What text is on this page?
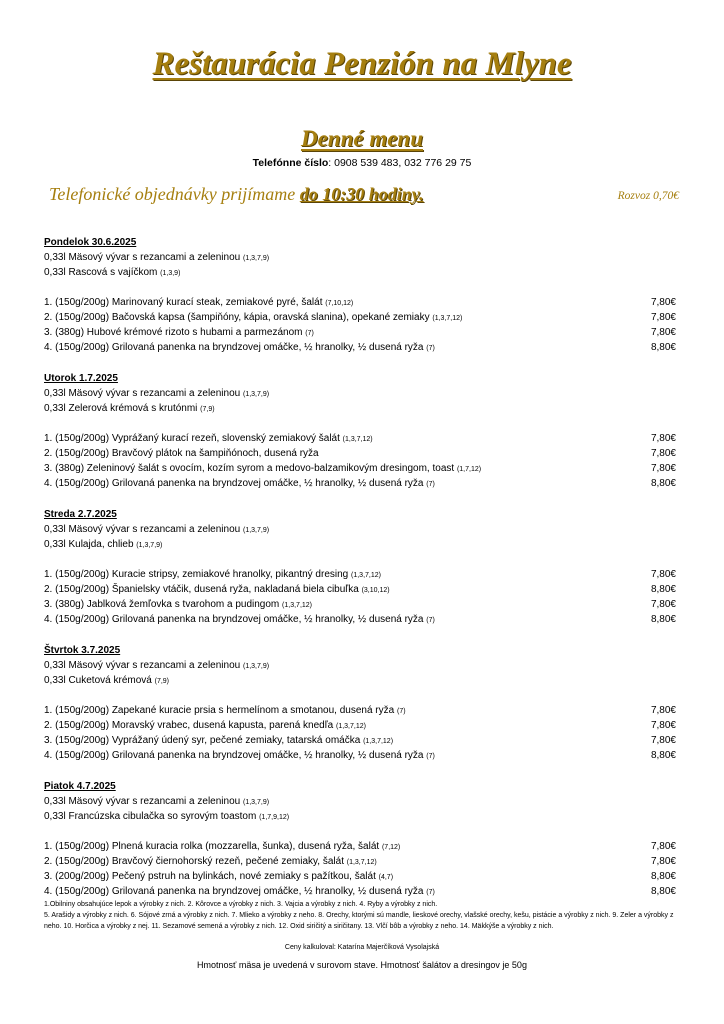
Reštaurácia Penzión na Mlyne
Denné menu
Telefónne číslo: 0908 539 483, 032 776 29 75
Telefonické objednávky prijímame do 10:30 hodiny.	Rozvoz 0,70€
Pondelok 30.6.2025
0,33l Mäsový vývar s rezancami a zeleninou (1,3,7,9)
0,33l Rascová s vajíčkom (1,3,9)
1. (150g/200g) Marinovaný kurací steak, zemiakové pyré, šalát (7,10,12)	7,80€
2. (150g/200g) Bačovská kapsa (šampiňóny, kápia, oravská slanina), opekané zemiaky (1,3,7,12)	7,80€
3. (380g) Hubové krémové rizoto s hubami a parmezánom (7)	7,80€
4. (150g/200g) Grilovaná panenka na bryndzovej omáčke, ½ hranolky, ½ dusená ryža (7)	8,80€
Utorok 1.7.2025
0,33l Mäsový vývar s rezancami a zeleninou (1,3,7,9)
0,33l Zelerová krémová s krutónmi (7,9)
1. (150g/200g) Vyprážaný kurací rezeň, slovenský zemiakový šalát (1,3,7,12)	7,80€
2. (150g/200g) Bravčový plátok na šampiňónoch, dusená ryža	7,80€
3. (380g) Zeleninový šalát s ovocím, kozím syrom a medovo-balzamikovým dresingom, toast (1,7,12)	7,80€
4. (150g/200g) Grilovaná panenka na bryndzovej omáčke, ½ hranolky, ½ dusená ryža (7)	8,80€
Streda 2.7.2025
0,33l Mäsový vývar s rezancami a zeleninou (1,3,7,9)
0,33l Kulajda, chlieb (1,3,7,9)
1. (150g/200g) Kuracie stripsy, zemiakové hranolky, pikantný dresing (1,3,7,12)	7,80€
2. (150g/200g) Španielsky vtáčik, dusená ryža, nakladaná biela cibuľka (3,10,12)	8,80€
3. (380g) Jablková žemľovka s tvarohom a pudingom (1,3,7,12)	7,80€
4. (150g/200g) Grilovaná panenka na bryndzovej omáčke, ½ hranolky, ½ dusená ryža (7)	8,80€
Štvrtok 3.7.2025
0,33l Mäsový vývar s rezancami a zeleninou (1,3,7,9)
0,33l Cuketová krémová (7,9)
1. (150g/200g) Zapekané kuracie prsia s hermelínom a smotanou, dusená ryža (7)	7,80€
2. (150g/200g) Moravský vrabec, dusená kapusta, parená knedľa (1,3,7,12)	7,80€
3. (150g/200g) Vyprážaný údený syr, pečené zemiaky, tatarská omáčka (1,3,7,12)	7,80€
4. (150g/200g) Grilovaná panenka na bryndzovej omáčke, ½ hranolky, ½ dusená ryža (7)	8,80€
Piatok 4.7.2025
0,33l Mäsový vývar s rezancami a zeleninou (1,3,7,9)
0,33l Francúzska cibulačka so syrovým toastom (1,7,9,12)
1. (150g/200g) Plnená kuracia rolka (mozzarella, šunka), dusená ryža, šalát (7,12)	7,80€
2. (150g/200g) Bravčový čiernohorský rezeň, pečené zemiaky, šalát (1,3,7,12)	7,80€
3. (200g/200g) Pečený pstruh na bylinkách, nové zemiaky s pažítkou, šalát (4,7)	8,80€
4. (150g/200g) Grilovaná panenka na bryndzovej omáčke, ½ hranolky, ½ dusená ryža (7)	8,80€
1.Obilniny obsahujúce lepok a výrobky z nich. 2. Kôrovce a výrobky z nich. 3. Vajcia a výrobky z nich. 4. Ryby a výrobky z nich.
5. Arašidy a výrobky z nich. 6. Sójové zrná a výrobky z nich. 7. Mlieko a výrobky z neho. 8. Orechy, ktorými sú mandle, lieskové orechy, vlašské orechy, kešu, pistácie a výrobky z nich. 9. Zeler a výrobky z neho. 10. Horčica a výrobky z nej. 11. Sezamové semená a výrobky z nich. 12. Oxid siričitý a siričitany. 13. Vlčí bôb a výrobky z neho. 14. Mäkkýše a výrobky z nich.
Ceny kalkuloval: Katarína Majerčíková Vysolajská
Hmotnosť mäsa je uvedená v surovom stave. Hmotnosť šalátov a dresingov je 50g
